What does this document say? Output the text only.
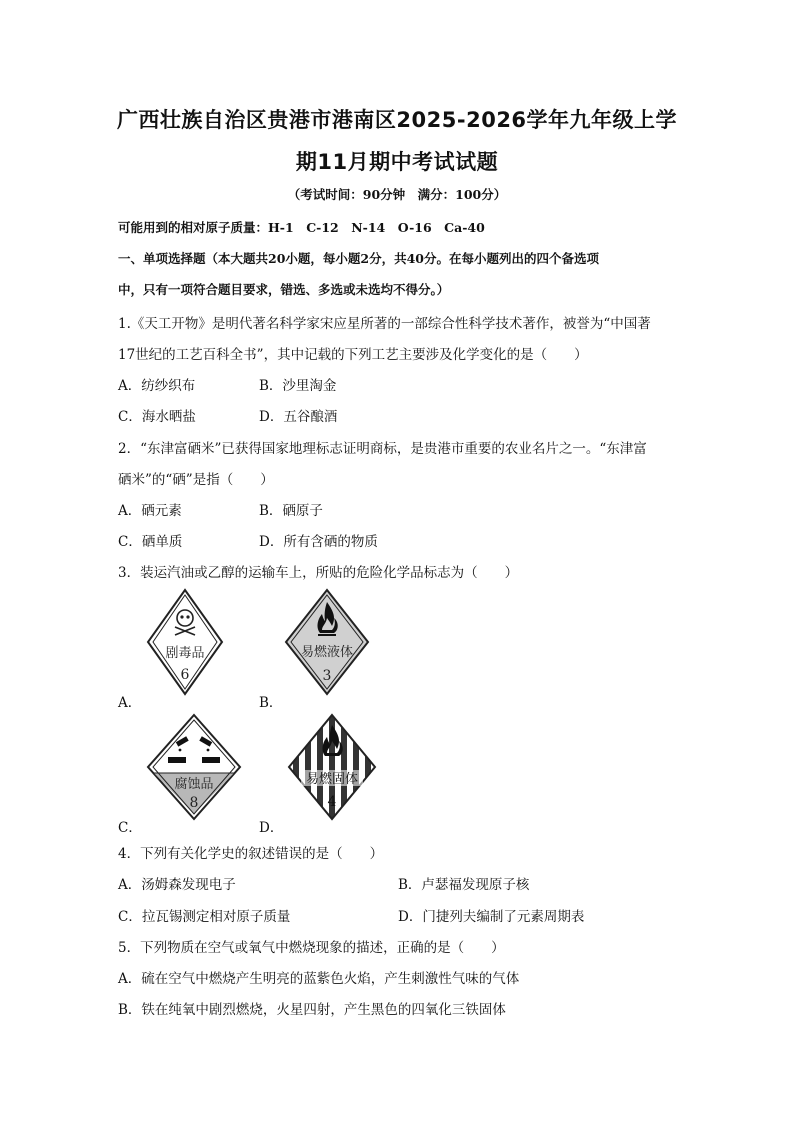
广西壮族自治区贵港市港南区2025-2026学年九年级上学
期11月期中考试试题
（考试时间：90分钟　满分：100分）
可能用到的相对原子质量：H-1　C-12　N-14　O-16　Ca-40
一、单项选择题（本大题共20小题，每小题2分，共40分。在每小题列出的四个备选项
中，只有一项符合题目要求，错选、多选或未选均不得分。）
1.《天工开物》是明代著名科学家宋应星所著的一部综合性科学技术著作，被誉为“中国著
17世纪的工艺百科全书”，其中记载的下列工艺主要涉及化学变化的是（　　）
A．纺纱织布	B．沙里淘金
C．海水晒盐	D．五谷酿酒
2．“东津富硒米”已获得国家地理标志证明商标，是贵港市重要的农业名片之一。“东津富
硒米”的“硒”是指（　　）
A．硒元素	B．硒原子
C．硒单质	D．所有含硒的物质
3．装运汽油或乙醇的运输车上，所贴的危险化学品标志为（　　）
剧毒品
6
A．
易燃液体
3
B．
腐蚀品
8
C．
易燃固体
4
D．
4．下列有关化学史的叙述错误的是（　　）
A．汤姆森发现电子	B．卢瑟福发现原子核
C．拉瓦锡测定相对原子质量	D．门捷列夫编制了元素周期表
5．下列物质在空气或氧气中燃烧现象的描述，正确的是（　　）
A．硫在空气中燃烧产生明亮的蓝紫色火焰，产生刺激性气味的气体
B．铁在纯氧中剧烈燃烧，火星四射，产生黑色的四氧化三铁固体
